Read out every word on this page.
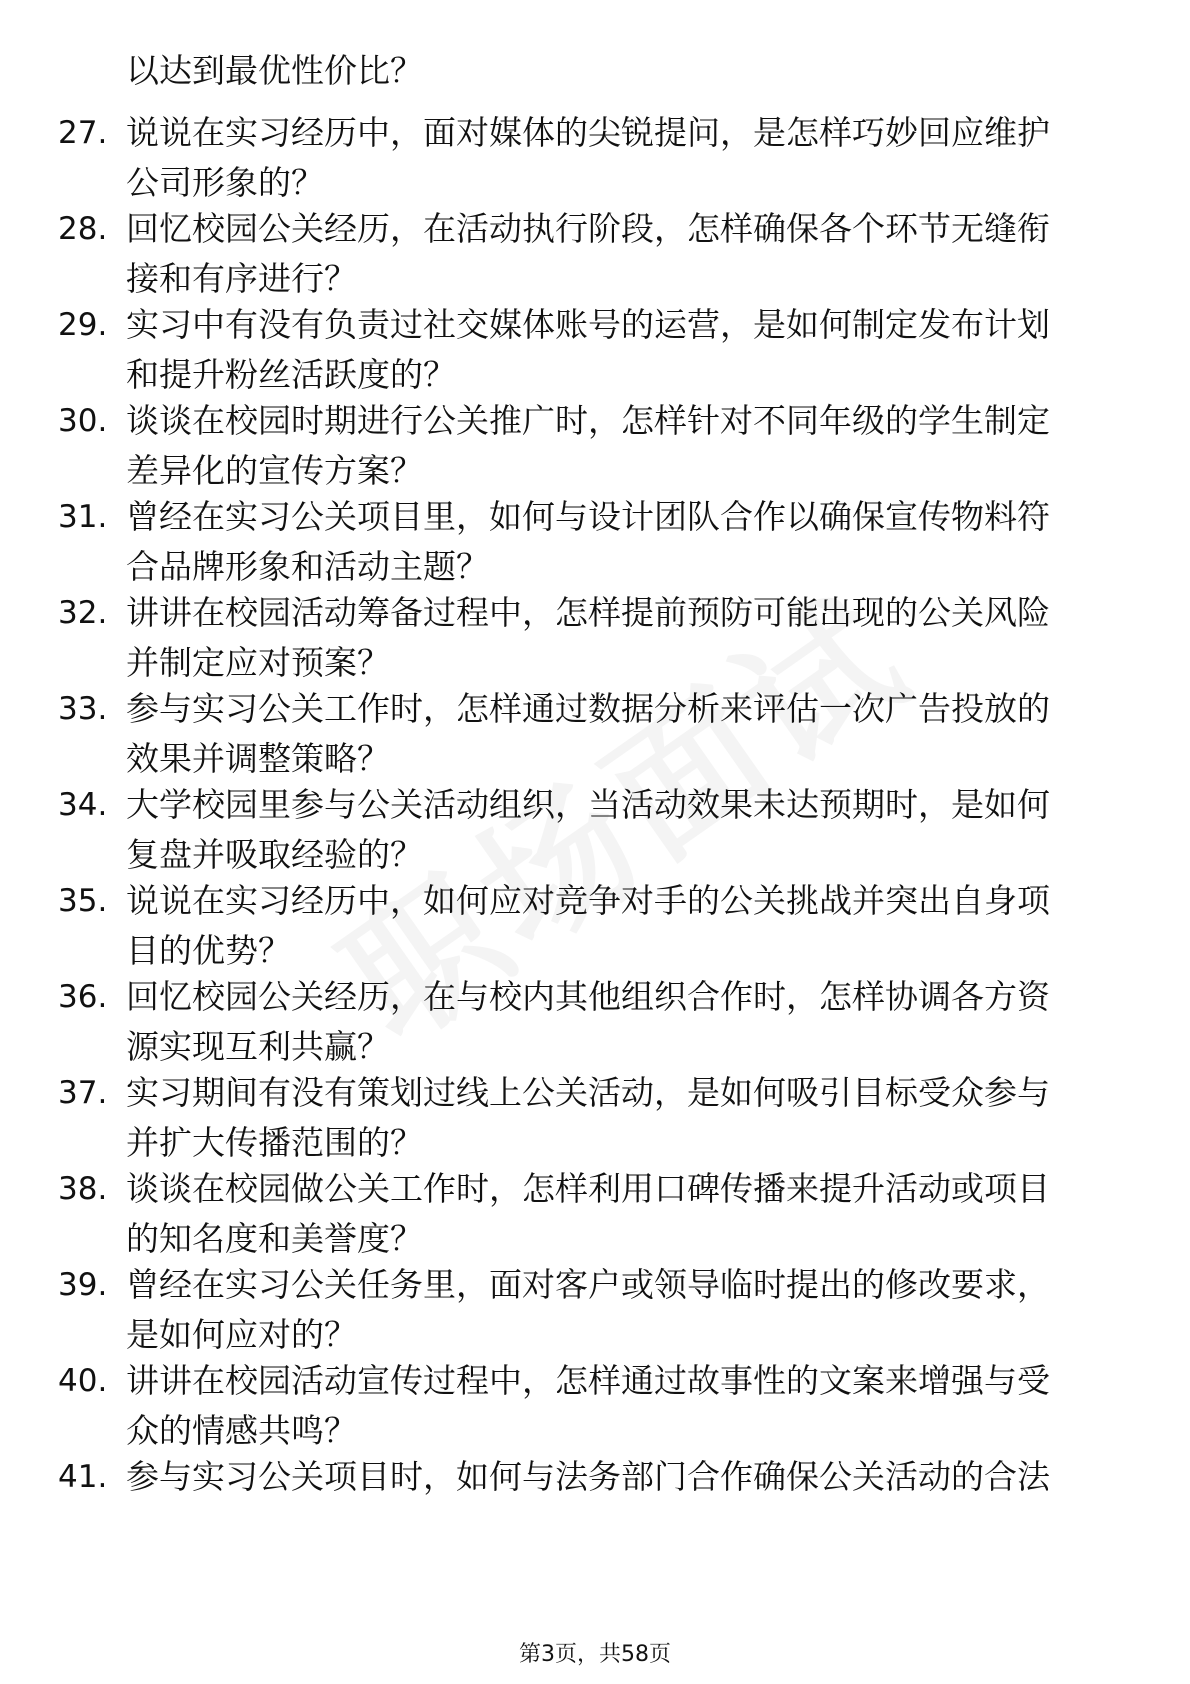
以达到最优性价比？
27. 说说在实习经历中，面对媒体的尖锐提问，是怎样巧妙回应维护
公司形象的？
28. 回忆校园公关经历，在活动执行阶段，怎样确保各个环节无缝衔
接和有序进行？
29. 实习中有没有负责过社交媒体账号的运营，是如何制定发布计划
和提升粉丝活跃度的？
30. 谈谈在校园时期进行公关推广时，怎样针对不同年级的学生制定
差异化的宣传方案？
31. 曾经在实习公关项目里，如何与设计团队合作以确保宣传物料符
合品牌形象和活动主题？
32. 讲讲在校园活动筹备过程中，怎样提前预防可能出现的公关风险
并制定应对预案？
33. 参与实习公关工作时，怎样通过数据分析来评估一次广告投放的
效果并调整策略？
34. 大学校园里参与公关活动组织，当活动效果未达预期时，是如何
复盘并吸取经验的？
35. 说说在实习经历中，如何应对竞争对手的公关挑战并突出自身项
目的优势？
36. 回忆校园公关经历，在与校内其他组织合作时，怎样协调各方资
源实现互利共赢？
37. 实习期间有没有策划过线上公关活动，是如何吸引目标受众参与
并扩大传播范围的？
38. 谈谈在校园做公关工作时，怎样利用口碑传播来提升活动或项目
的知名度和美誉度？
39. 曾经在实习公关任务里，面对客户或领导临时提出的修改要求，
是如何应对的？
40. 讲讲在校园活动宣传过程中，怎样通过故事性的文案来增强与受
众的情感共鸣？
41. 参与实习公关项目时，如何与法务部门合作确保公关活动的合法
第3页，共58页
